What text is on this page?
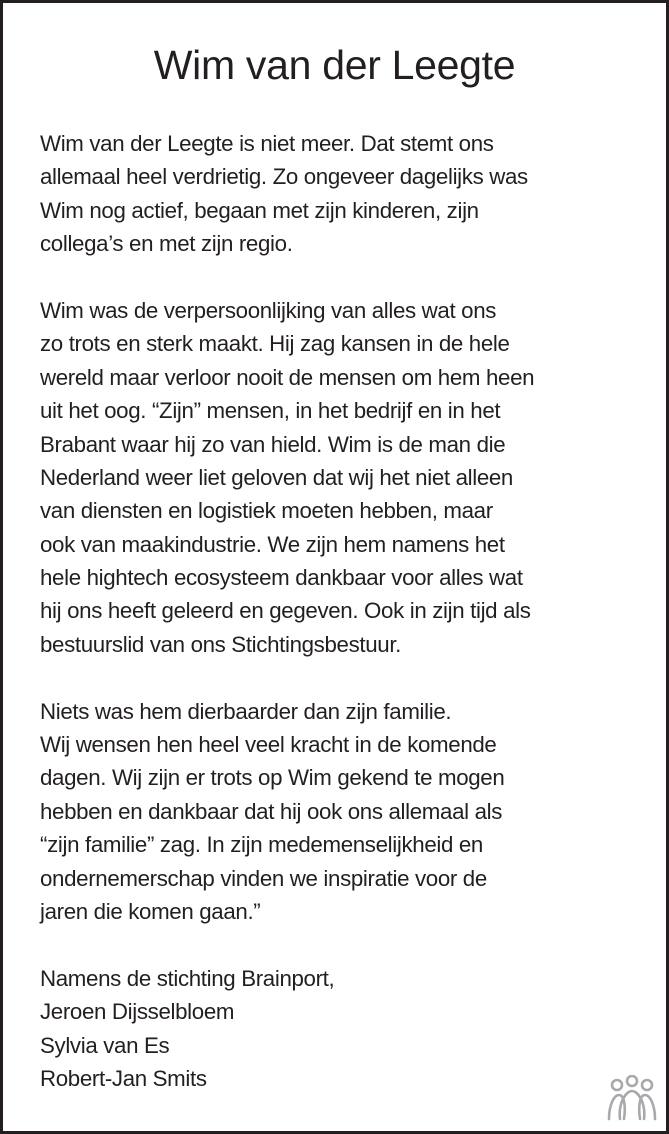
Wim van der Leegte
Wim van der Leegte is niet meer. Dat stemt ons
allemaal heel verdrietig. Zo ongeveer dagelijks was
Wim nog actief, begaan met zijn kinderen, zijn
collega’s en met zijn regio.
Wim was de verpersoonlijking van alles wat ons
zo trots en sterk maakt. Hij zag kansen in de hele
wereld maar verloor nooit de mensen om hem heen
uit het oog. “Zijn” mensen, in het bedrijf en in het
Brabant waar hij zo van hield. Wim is de man die
Nederland weer liet geloven dat wij het niet alleen
van diensten en logistiek moeten hebben, maar
ook van maakindustrie. We zijn hem namens het
hele hightech ecosysteem dankbaar voor alles wat
hij ons heeft geleerd en gegeven. Ook in zijn tijd als
bestuurslid van ons Stichtingsbestuur.
Niets was hem dierbaarder dan zijn familie.
Wij wensen hen heel veel kracht in de komende
dagen. Wij zijn er trots op Wim gekend te mogen
hebben en dankbaar dat hij ook ons allemaal als
“zijn familie” zag. In zijn medemenselijkheid en
ondernemerschap vinden we inspiratie voor de
jaren die komen gaan.”
Namens de stichting Brainport,
Jeroen Dijsselbloem
Sylvia van Es
Robert-Jan Smits
